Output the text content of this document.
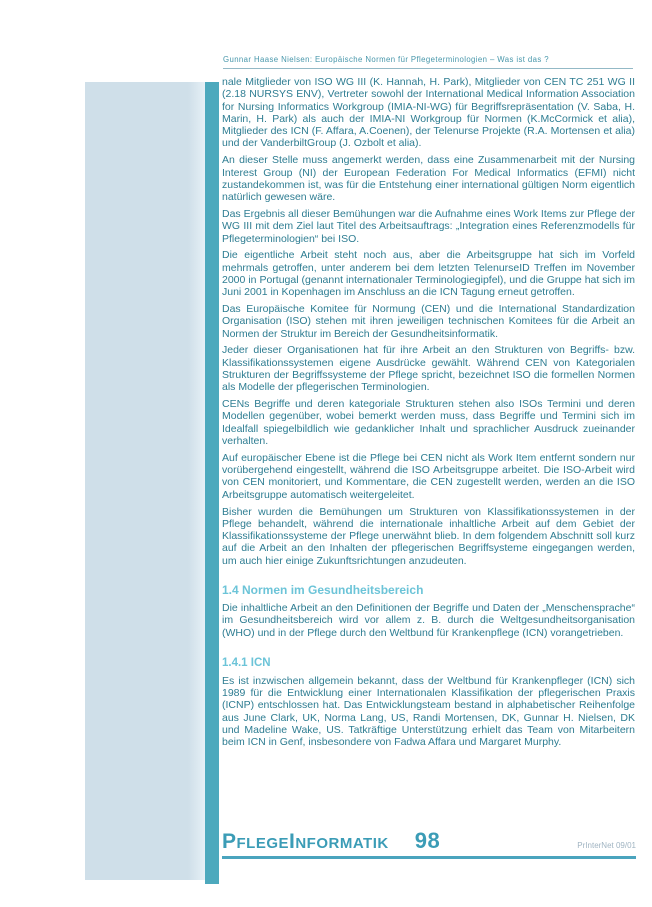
Gunnar Haase Nielsen: Europäische Normen für Pflegeterminologien – Was ist das ?

nale Mitglieder von ISO WG III (K. Hannah, H. Park), Mitglieder von CEN TC 251 WG II (2.18 NURSYS ENV), Vertreter sowohl der International Medical Information Association for Nursing Informatics Workgroup (IMIA-NI-WG) für Begriffsrepräsentation (V. Saba, H. Marin, H. Park) als auch der IMIA-NI Workgroup für Normen (K.McCormick et alia), Mitglieder des ICN (F. Affara, A.Coenen), der Telenurse Projekte (R.A. Mortensen et alia) und der VanderbiltGroup (J. Ozbolt et alia).

An dieser Stelle muss angemerkt werden, dass eine Zusammenarbeit mit der Nursing Interest Group (NI) der European Federation For Medical Informatics (EFMI) nicht zustandekommen ist, was für die Entstehung einer international gültigen Norm eigentlich natürlich gewesen wäre.

Das Ergebnis all dieser Bemühungen war die Aufnahme eines Work Items zur Pflege der WG III mit dem Ziel laut Titel des Arbeitsauftrags: „Integration eines Referenzmodells für Pflegeterminologien“ bei ISO.

Die eigentliche Arbeit steht noch aus, aber die Arbeitsgruppe hat sich im Vorfeld mehrmals getroffen, unter anderem bei dem letzten TelenurseID Treffen im November 2000 in Portugal (genannt internationaler Terminologiegipfel), und die Gruppe hat sich im Juni 2001 in Kopenhagen im Anschluss an die ICN Tagung erneut getroffen.

Das Europäische Komitee für Normung (CEN) und die International Standardization Organisation (ISO) stehen mit ihren jeweiligen technischen Komitees für die Arbeit an Normen der Struktur im Bereich der Gesundheitsinformatik.

Jeder dieser Organisationen hat für ihre Arbeit an den Strukturen von Begriffs- bzw. Klassifikationssystemen eigene Ausdrücke gewählt. Während CEN von Kategorialen Strukturen der Begriffssysteme der Pflege spricht, bezeichnet ISO die formellen Normen als Modelle der pflegerischen Terminologien.

CENs Begriffe und deren kategoriale Strukturen stehen also ISOs Termini und deren Modellen gegenüber, wobei bemerkt werden muss, dass Begriffe und Termini sich im Idealfall spiegelbildlich wie gedanklicher Inhalt und sprachlicher Ausdruck zueinander verhalten.

Auf europäischer Ebene ist die Pflege bei CEN nicht als Work Item entfernt sondern nur vorübergehend eingestellt, während die ISO Arbeitsgruppe arbeitet. Die ISO-Arbeit wird von CEN monitoriert, und Kommentare, die CEN zugestellt werden, werden an die ISO Arbeitsgruppe automatisch weitergeleitet.

Bisher wurden die Bemühungen um Strukturen von Klassifikationssystemen in der Pflege behandelt, während die internationale inhaltliche Arbeit auf dem Gebiet der Klassifikationssysteme der Pflege unerwähnt blieb. In dem folgendem Abschnitt soll kurz auf die Arbeit an den Inhalten der pflegerischen Begriffsysteme eingegangen werden, um auch hier einige Zukunftsrichtungen anzudeuten.

1.4 Normen im Gesundheitsbereich

Die inhaltliche Arbeit an den Definitionen der Begriffe und Daten der „Menschensprache“ im Gesundheitsbereich wird vor allem z. B. durch die Weltgesundheitsorganisation (WHO) und in der Pflege durch den Weltbund für Krankenpflege (ICN) vorangetrieben.

1.4.1 ICN

Es ist inzwischen allgemein bekannt, dass der Weltbund für Krankenpfleger (ICN) sich 1989 für die Entwicklung einer Internationalen Klassifikation der pflegerischen Praxis (ICNP) entschlossen hat. Das Entwicklungsteam bestand in alphabetischer Reihenfolge aus June Clark, UK, Norma Lang, US, Randi Mortensen, DK, Gunnar H. Nielsen, DK und Madeline Wake, US. Tatkräftige Unterstützung erhielt das Team von Mitarbeitern beim ICN in Genf, insbesondere von Fadwa Affara und Margaret Murphy.

PflegeInformatik 98	PrInterNet 09/01
